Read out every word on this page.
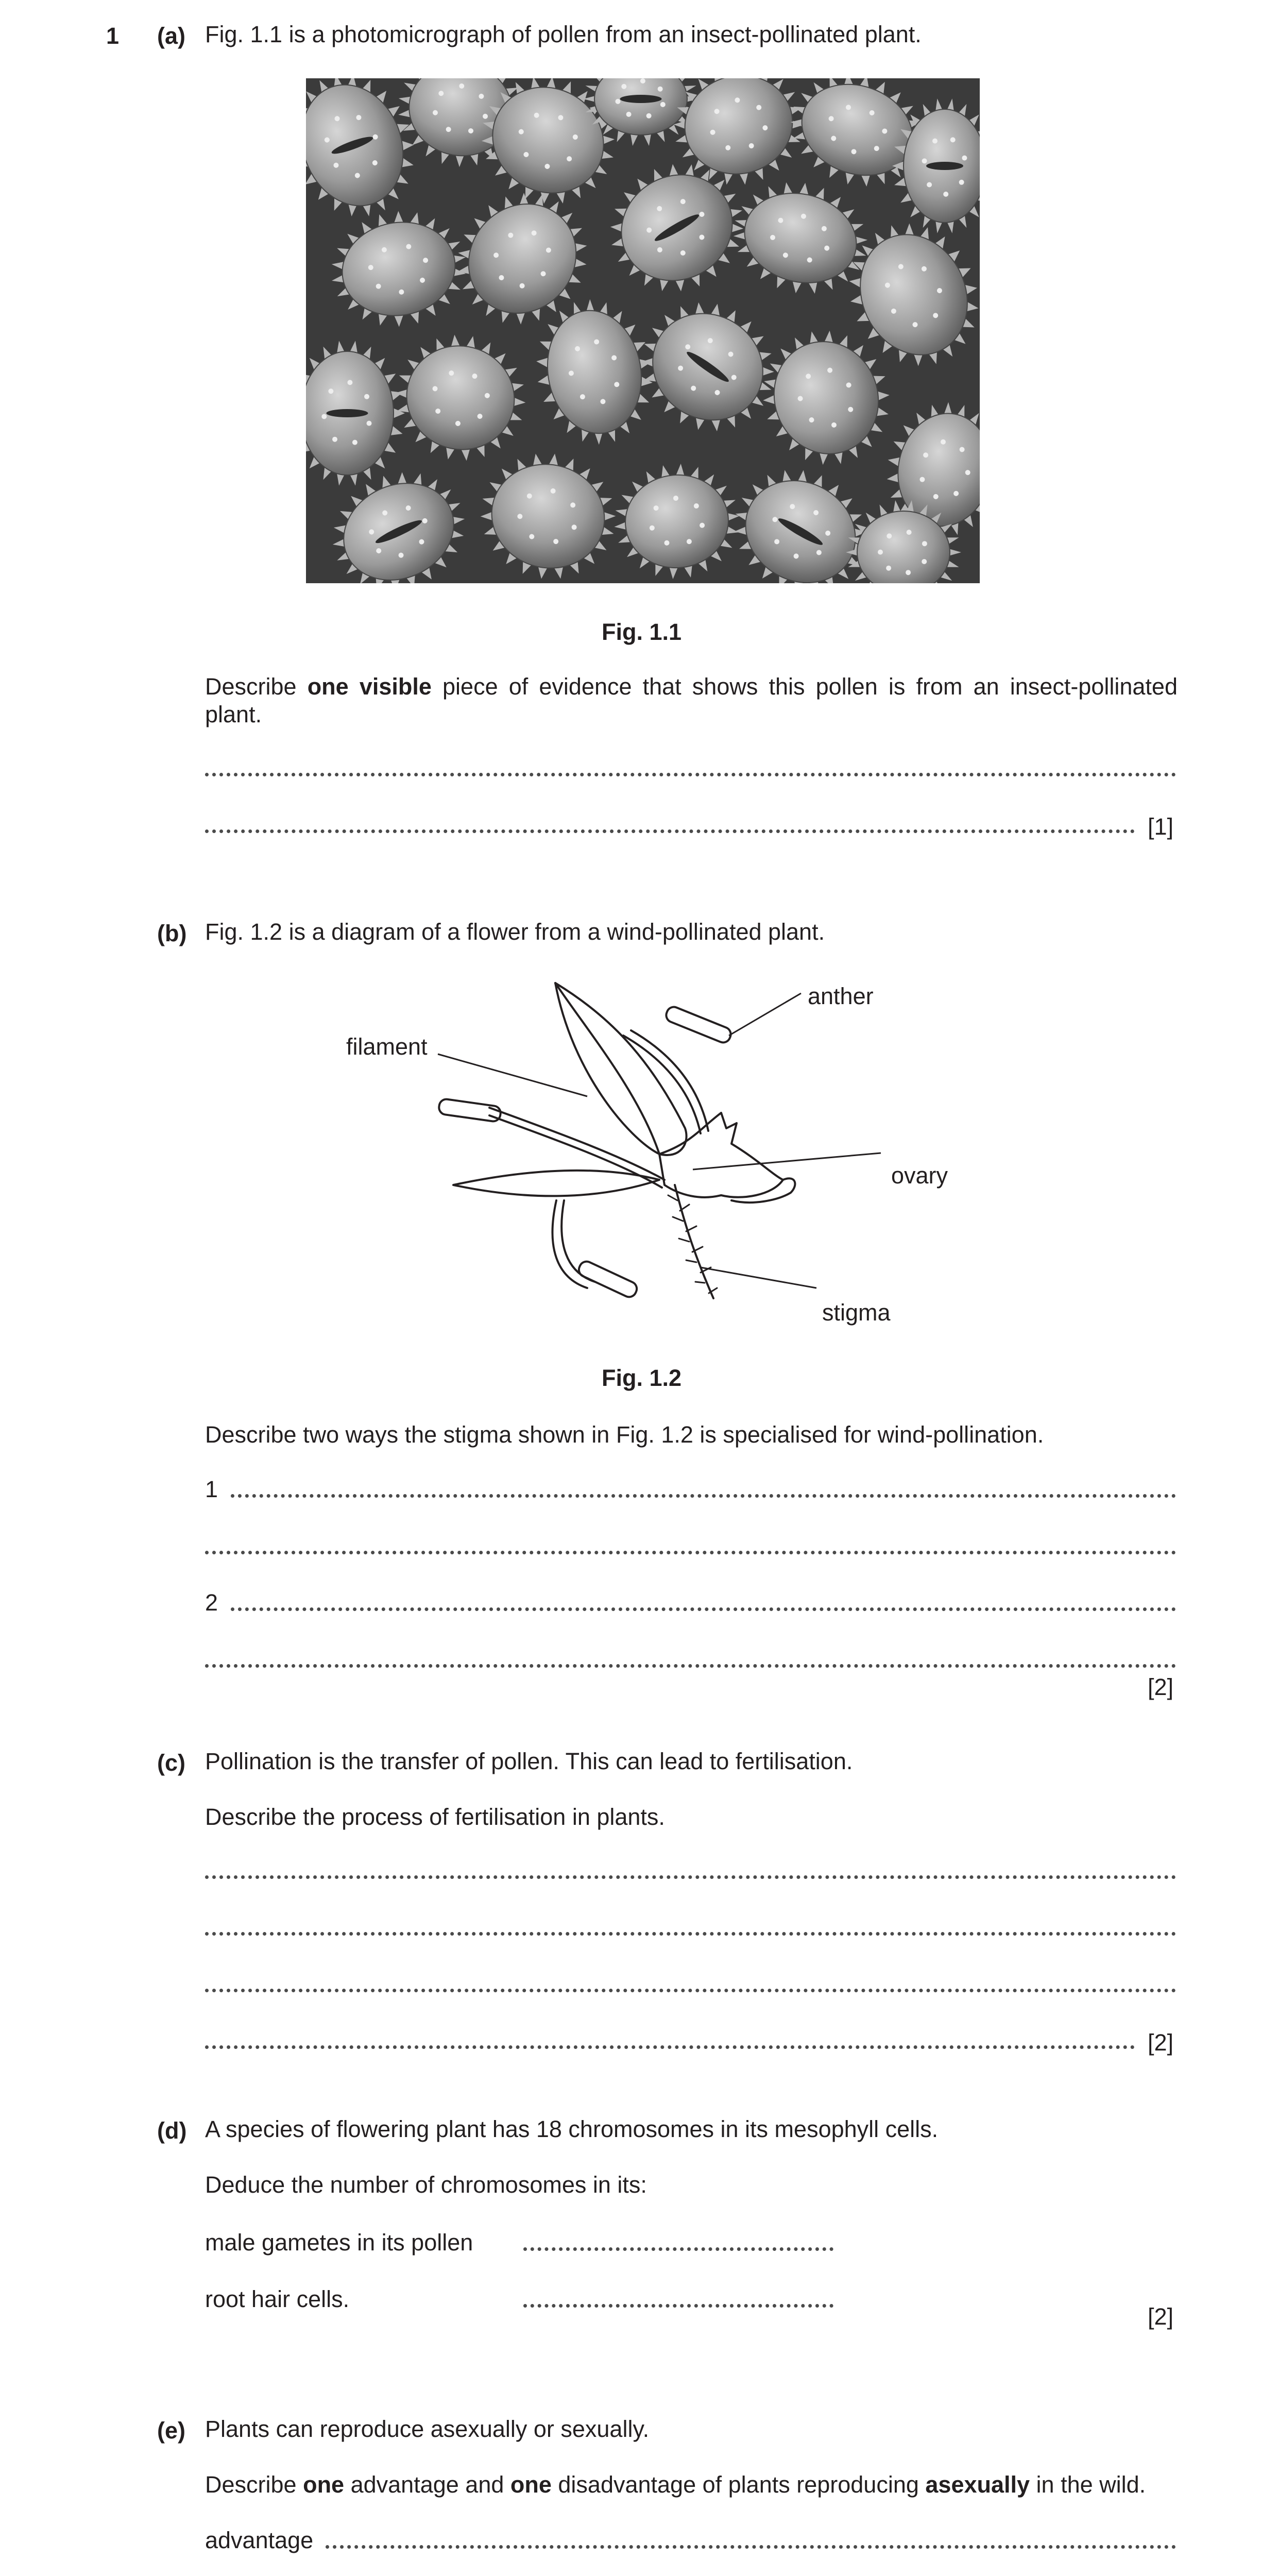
1 (a) Fig. 1.1 is a photomicrograph of pollen from an insect-pollinated plant.
Fig. 1.1
Describe one visible piece of evidence that shows this pollen is from an insect-pollinated plant.
[1]
(b) Fig. 1.2 is a diagram of a flower from a wind-pollinated plant.
anther
filament
ovary
stigma
Fig. 1.2
Describe two ways the stigma shown in Fig. 1.2 is specialised for wind-pollination.
1
2
[2]
(c) Pollination is the transfer of pollen. This can lead to fertilisation.
Describe the process of fertilisation in plants.
[2]
(d) A species of flowering plant has 18 chromosomes in its mesophyll cells.
Deduce the number of chromosomes in its:
male gametes in its pollen
root hair cells.
[2]
(e) Plants can reproduce asexually or sexually.
Describe one advantage and one disadvantage of plants reproducing asexually in the wild.
advantage
